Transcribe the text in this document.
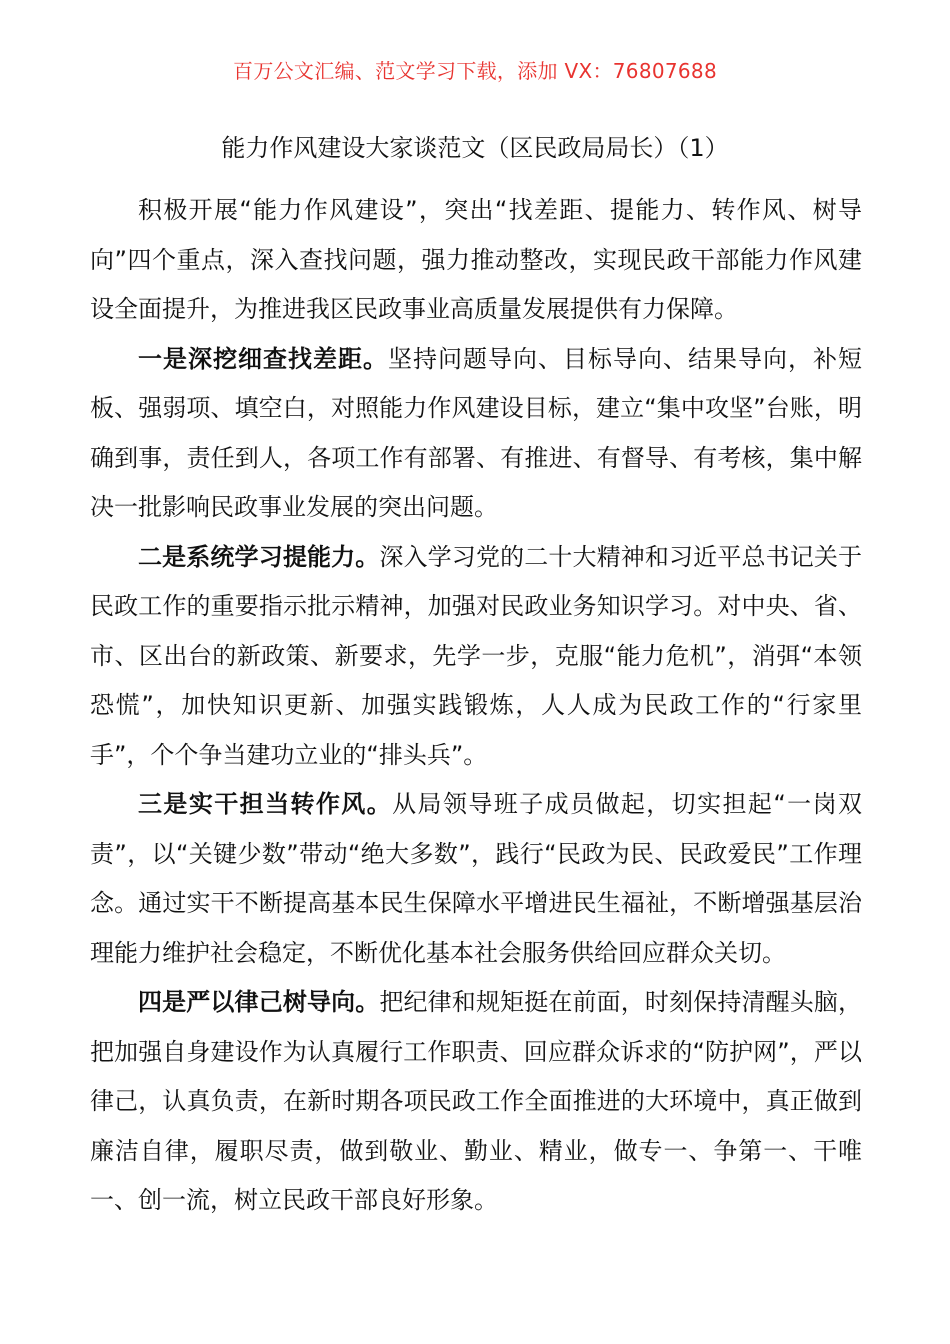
百万公文汇编、范文学习下载，添加 VX：76807688
能力作风建设大家谈范文（区民政局局长）（1）

积极开展“能力作风建设”，突出“找差距、提能力、转作风、树导向”四个重点，深入查找问题，强力推动整改，实现民政干部能力作风建设全面提升，为推进我区民政事业高质量发展提供有力保障。

一是深挖细查找差距。坚持问题导向、目标导向、结果导向，补短板、强弱项、填空白，对照能力作风建设目标，建立“集中攻坚”台账，明确到事，责任到人，各项工作有部署、有推进、有督导、有考核，集中解决一批影响民政事业发展的突出问题。

二是系统学习提能力。深入学习党的二十大精神和习近平总书记关于民政工作的重要指示批示精神，加强对民政业务知识学习。对中央、省、市、区出台的新政策、新要求，先学一步，克服“能力危机”，消弭“本领恐慌”，加快知识更新、加强实践锻炼，人人成为民政工作的“行家里手”，个个争当建功立业的“排头兵”。

三是实干担当转作风。从局领导班子成员做起，切实担起“一岗双责”，以“关键少数”带动“绝大多数”，践行“民政为民、民政爱民”工作理念。通过实干不断提高基本民生保障水平增进民生福祉，不断增强基层治理能力维护社会稳定，不断优化基本社会服务供给回应群众关切。

四是严以律己树导向。把纪律和规矩挺在前面，时刻保持清醒头脑，把加强自身建设作为认真履行工作职责、回应群众诉求的“防护网”，严以律己，认真负责，在新时期各项民政工作全面推进的大环境中，真正做到廉洁自律，履职尽责，做到敬业、勤业、精业，做专一、争第一、干唯一、创一流，树立民政干部良好形象。
